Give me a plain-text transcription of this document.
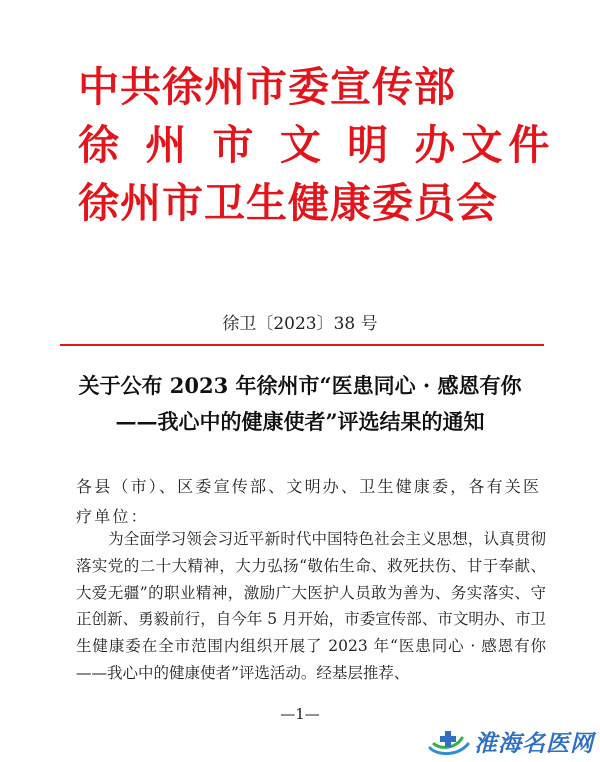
中共徐州市委宣传部
徐 州 市 文 明 办文件
徐州市卫生健康委员会
徐卫〔2023〕38 号
关于公布 2023 年徐州市“医患同心 · 感恩有你
——我心中的健康使者”评选结果的通知
各县（市）、区委宣传部、文明办、卫生健康委，各有关医疗单位：
为全面学习领会习近平新时代中国特色社会主义思想，认真贯彻落实党的二十大精神，大力弘扬“敬佑生命、救死扶伤、甘于奉献、大爱无疆”的职业精神，激励广大医护人员敢为善为、务实落实、守正创新、勇毅前行，自今年 5 月开始，市委宣传部、市文明办、市卫生健康委在全市范围内组织开展了 2023 年“医患同心 · 感恩有你——我心中的健康使者”评选活动。经基层推荐、
—1—
淮海名医网
